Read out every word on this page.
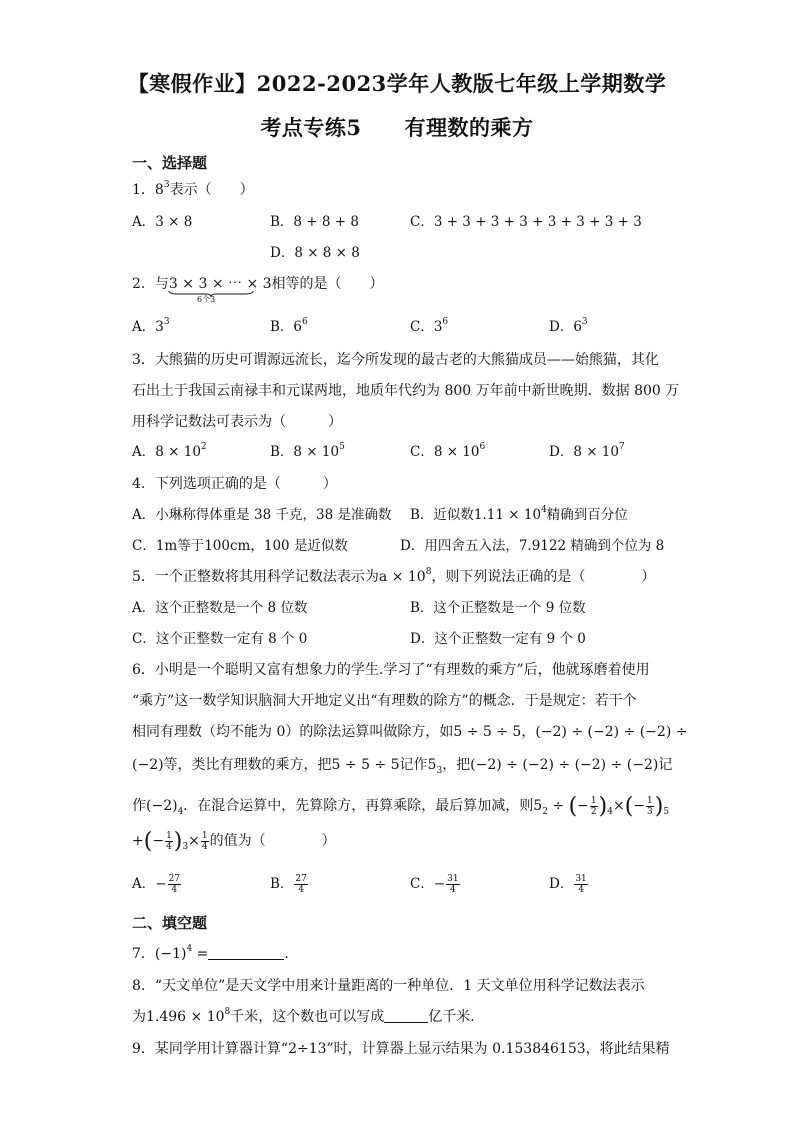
【寒假作业】2022-2023学年人教版七年级上学期数学
考点专练5　　有理数的乘方
一、选择题
1．$8^3$表示（　　）
A．3 × 8	B．8 + 8 + 8	C．3 + 3 + 3 + 3 + 3 + 3 + 3 + 3
D．8 × 8 × 8
2．与3 × 3 × ⋯ × 3相等的是（　　）
6个3
A．$3^3$	B．$6^6$	C．$3^6$	D．$6^3$
3．大熊猫的历史可谓源远流长，迄今所发现的最古老的大熊猫成员——始熊猫，其化
石出土于我国云南禄丰和元谋两地，地质年代约为 800 万年前中新世晚期．数据 800 万
用科学记数法可表示为（　　　）
A．$8 \times 10^2$	B．$8 \times 10^5$	C．$8 \times 10^6$	D．$8 \times 10^7$
4．下列选项正确的是（　　　）
A．小琳称得体重是 38 千克，38 是准确数 B．近似数$1.11 \times 10^4$精确到百分位
C．1m等于100cm，100 是近似数	D．用四舍五入法，7.9122 精确到个位为 8
5．一个正整数将其用科学记数法表示为$a \times 10^8$，则下列说法正确的是（　　　　）
A．这个正整数是一个 8 位数	B．这个正整数是一个 9 位数
C．这个正整数一定有 8 个 0	D．这个正整数一定有 9 个 0
6．小明是一个聪明又富有想象力的学生.学习了“有理数的乘方”后，他就琢磨着使用
“乘方”这一数学知识脑洞大开地定义出“有理数的除方”的概念．于是规定：若干个
相同有理数（均不能为 0）的除法运算叫做除方，如5 ÷ 5 ÷ 5，(−2) ÷ (−2) ÷ (−2) ÷
(−2)等，类比有理数的乘方，把5 ÷ 5 ÷ 5记作$5_3$，把(−2) ÷ (−2) ÷ (−2) ÷ (−2)记
作$(-2)_4$．在混合运算中，先算除方，再算乘除，最后算加减，则$5_2$ ÷ (− $\frac{1}{2} )_4\times(- \frac{1}{3} )_5$
+(− $\frac{1}{4} )_3\times \frac{1}{4}$ 的值为（　　　　）
A．− $\frac{27}{4}$	B． $\frac{27}{4}$	C．− $\frac{31}{4}$	D． $\frac{31}{4}$
二、填空题
7．$(-1)^4$ =	．
8．“天文单位”是天文学中用来计量距离的一种单位．1 天文单位用科学记数法表示
为$1.496 \times 10^8$千米，这个数也可以写成	亿千米．
9．某同学用计算器计算“2÷13”时，计算器上显示结果为 0.153846153，将此结果精
